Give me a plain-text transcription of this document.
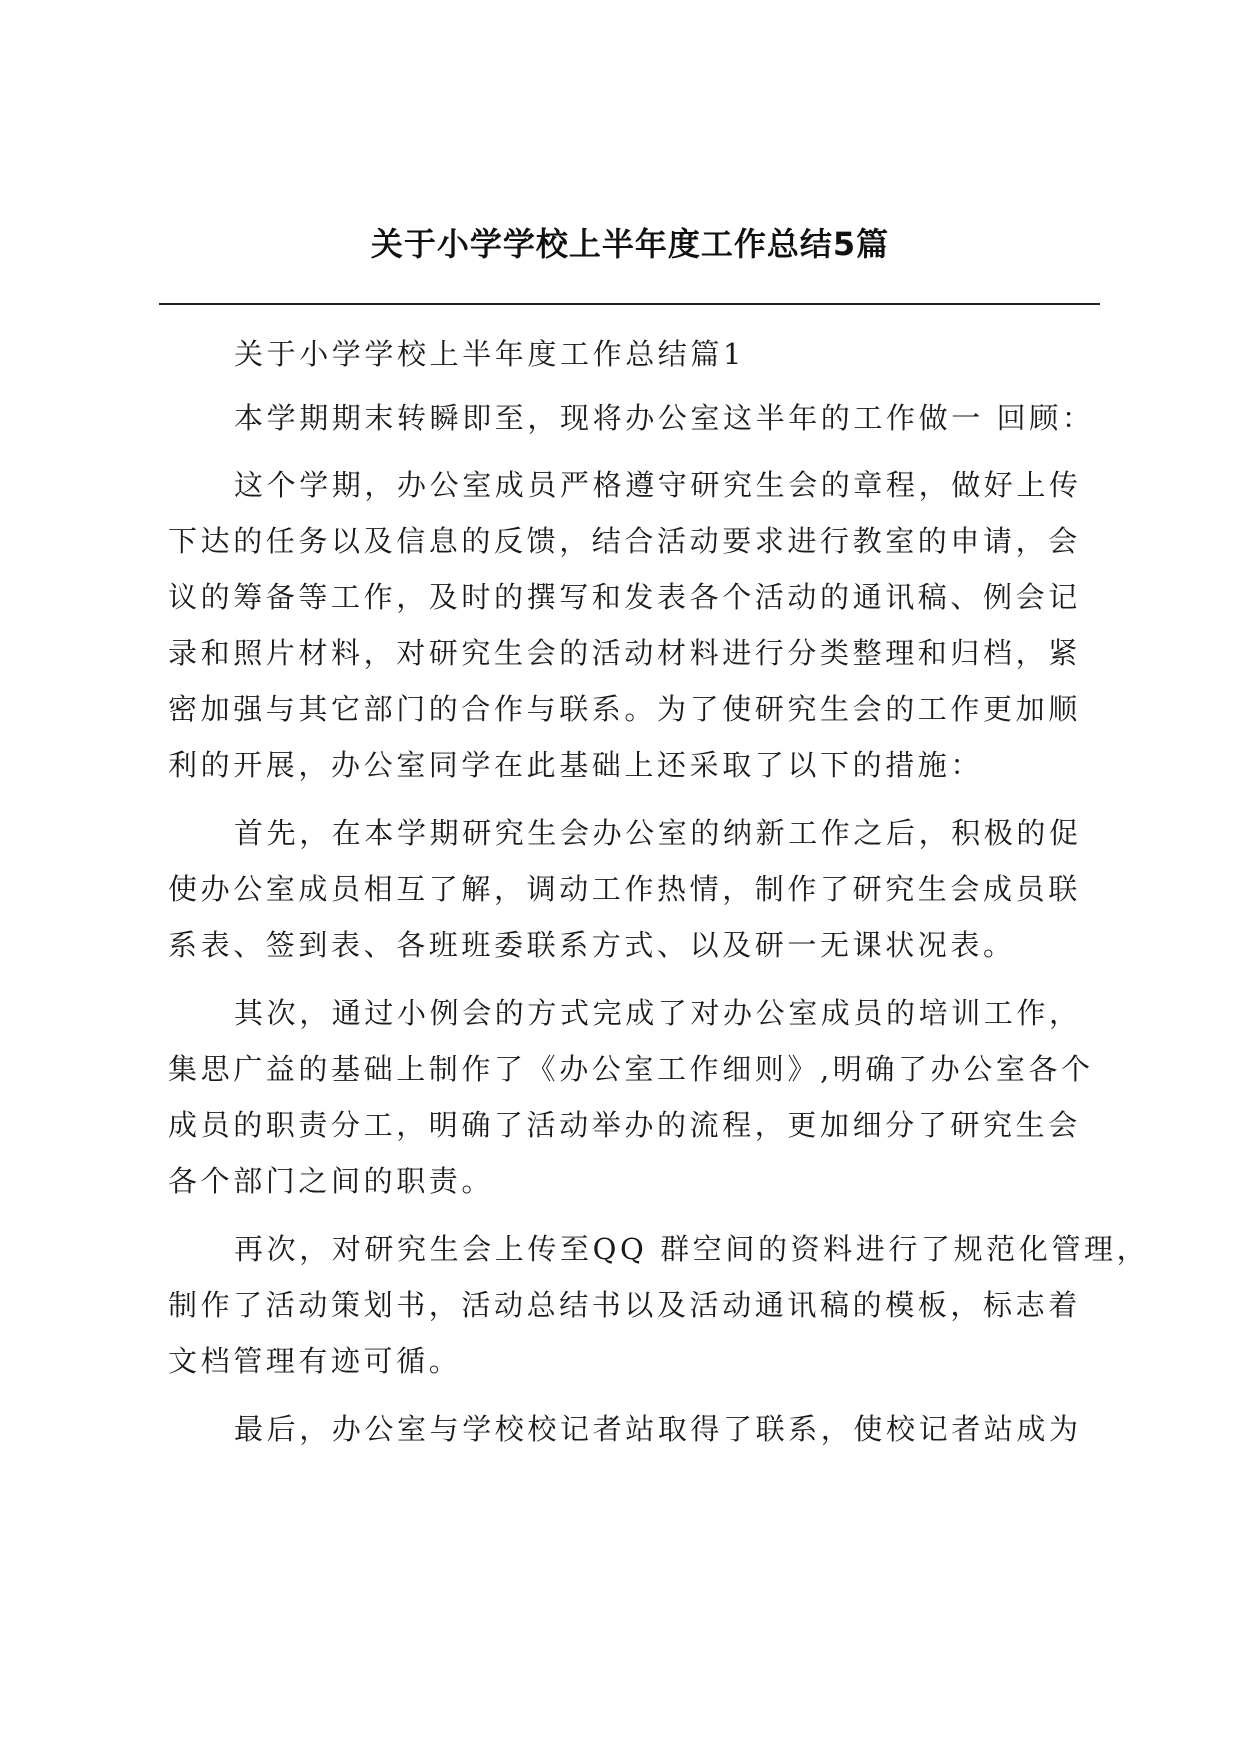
关于小学学校上半年度工作总结5篇
关于小学学校上半年度工作总结篇1
本学期期末转瞬即至，现将办公室这半年的工作做一 回顾：
这个学期，办公室成员严格遵守研究生会的章程，做好上传
下达的任务以及信息的反馈，结合活动要求进行教室的申请，会
议的筹备等工作，及时的撰写和发表各个活动的通讯稿、例会记
录和照片材料，对研究生会的活动材料进行分类整理和归档，紧
密加强与其它部门的合作与联系。为了使研究生会的工作更加顺
利的开展，办公室同学在此基础上还采取了以下的措施：
首先，在本学期研究生会办公室的纳新工作之后，积极的促
使办公室成员相互了解，调动工作热情，制作了研究生会成员联
系表、签到表、各班班委联系方式、以及研一无课状况表。
其次，通过小例会的方式完成了对办公室成员的培训工作，
集思广益的基础上制作了《办公室工作细则》,明确了办公室各个
成员的职责分工，明确了活动举办的流程，更加细分了研究生会
各个部门之间的职责。
再次，对研究生会上传至QQ 群空间的资料进行了规范化管理，
制作了活动策划书，活动总结书以及活动通讯稿的模板，标志着
文档管理有迹可循。
最后，办公室与学校校记者站取得了联系，使校记者站成为
